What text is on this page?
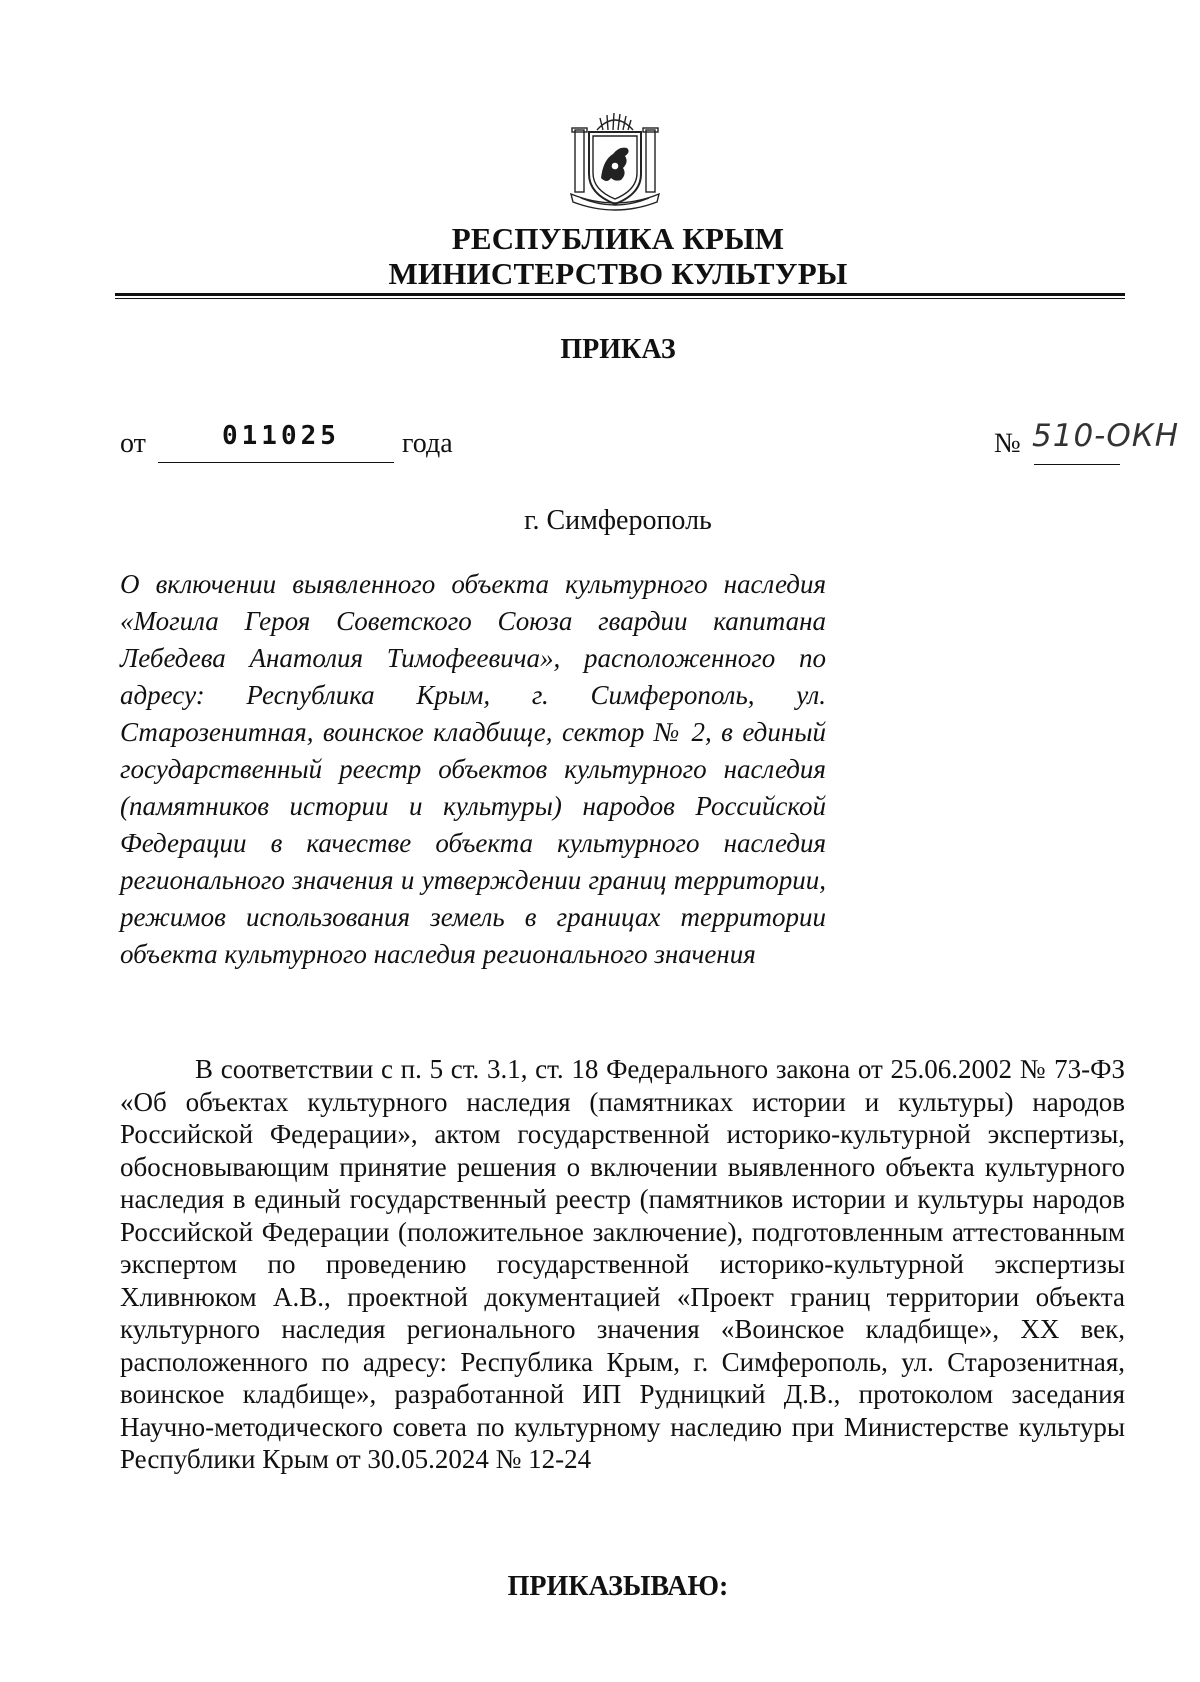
РЕСПУБЛИКА КРЫМ
МИНИСТЕРСТВО КУЛЬТУРЫ
ПРИКАЗ
от	011025 года	№ 510-ОКН
г. Симферополь

О включении выявленного объекта культурного наследия «Могила Героя Советского Союза гвардии капитана Лебедева Анатолия Тимофеевича», расположенного по адресу: Республика Крым, г. Симферополь, ул. Старозенитная, воинское кладбище, сектор № 2, в единый государственный реестр объектов культурного наследия (памятников истории и культуры) народов Российской Федерации в качестве объекта культурного наследия регионального значения и утверждении границ территории, режимов использования земель в границах территории объекта культурного наследия регионального значения

В соответствии с п. 5 ст. 3.1, ст. 18 Федерального закона от 25.06.2002 № 73-ФЗ «Об объектах культурного наследия (памятниках истории и культуры) народов Российской Федерации», актом государственной историко-культурной экспертизы, обосновывающим принятие решения о включении выявленного объекта культурного наследия в единый государственный реестр (памятников истории и культуры народов Российской Федерации (положительное заключение), подготовленным аттестованным экспертом по проведению государственной историко-культурной экспертизы Хливнюком А.В., проектной документацией «Проект границ территории объекта культурного наследия регионального значения «Воинское кладбище», XX век, расположенного по адресу: Республика Крым, г. Симферополь, ул. Старозенитная, воинское кладбище», разработанной ИП Рудницкий Д.В., протоколом заседания Научно-методического совета по культурному наследию при Министерстве культуры Республики Крым от 30.05.2024 № 12-24

ПРИКАЗЫВАЮ:
